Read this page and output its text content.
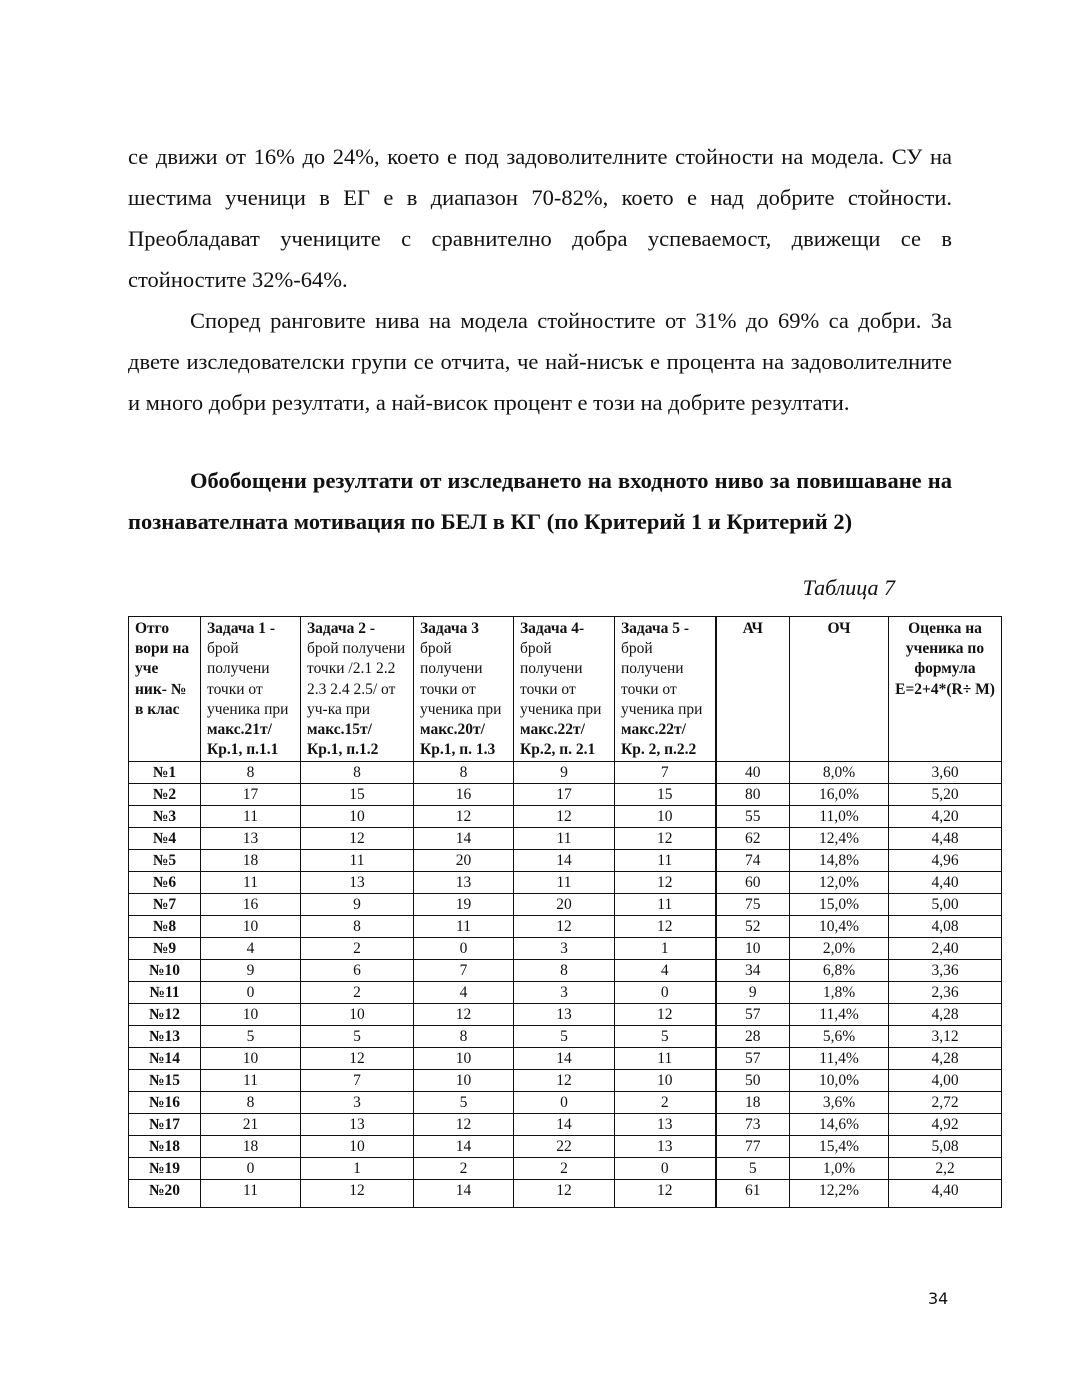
се движи от 16% до 24%, което е под задоволителните стойности на модела. СУ на шестима ученици в ЕГ е в диапазон 70-82%, което е над добрите стойности. Преобладават учениците с сравнително добра успеваемост, движещи се в стойностите 32%-64%.

Според ранговите нива на модела стойностите от 31% до 69% са добри. За двете изследователски групи се отчита, че най-нисък е процента на задоволителните и много добри резултати, а най-висок процент е този на добрите резултати.

Обобощени резултати от изследването на входното ниво за повишаване на познавателната мотивация по БЕЛ в КГ (по Критерий 1 и Критерий 2)

Таблица 7
Отго вори на уче ник- № в клас	Задача 1 - брой получени точки от ученика при макс.21т/ Кр.1, п.1.1	Задача 2 - брой получени точки /2.1 2.2 2.3 2.4 2.5/ от уч-ка при макс.15т/ Кр.1, п.1.2	Задача 3 брой получени точки от ученика при макс.20т/ Кр.1, п. 1.3	Задача 4- брой получени точки от ученика при макс.22т/ Кр.2, п. 2.1	Задача 5 - брой получени точки от ученика при макс.22т/ Кр. 2, п.2.2	АЧ	ОЧ	Оценка на ученика по формула E=2+4*(R÷ M)
№1	8	8	8	9	7	40	8,0%	3,60
№2	17	15	16	17	15	80	16,0%	5,20
№3	11	10	12	12	10	55	11,0%	4,20
№4	13	12	14	11	12	62	12,4%	4,48
№5	18	11	20	14	11	74	14,8%	4,96
№6	11	13	13	11	12	60	12,0%	4,40
№7	16	9	19	20	11	75	15,0%	5,00
№8	10	8	11	12	12	52	10,4%	4,08
№9	4	2	0	3	1	10	2,0%	2,40
№10	9	6	7	8	4	34	6,8%	3,36
№11	0	2	4	3	0	9	1,8%	2,36
№12	10	10	12	13	12	57	11,4%	4,28
№13	5	5	8	5	5	28	5,6%	3,12
№14	10	12	10	14	11	57	11,4%	4,28
№15	11	7	10	12	10	50	10,0%	4,00
№16	8	3	5	0	2	18	3,6%	2,72
№17	21	13	12	14	13	73	14,6%	4,92
№18	18	10	14	22	13	77	15,4%	5,08
№19	0	1	2	2	0	5	1,0%	2,2
№20	11	12	14	12	12	61	12,2%	4,40
34
